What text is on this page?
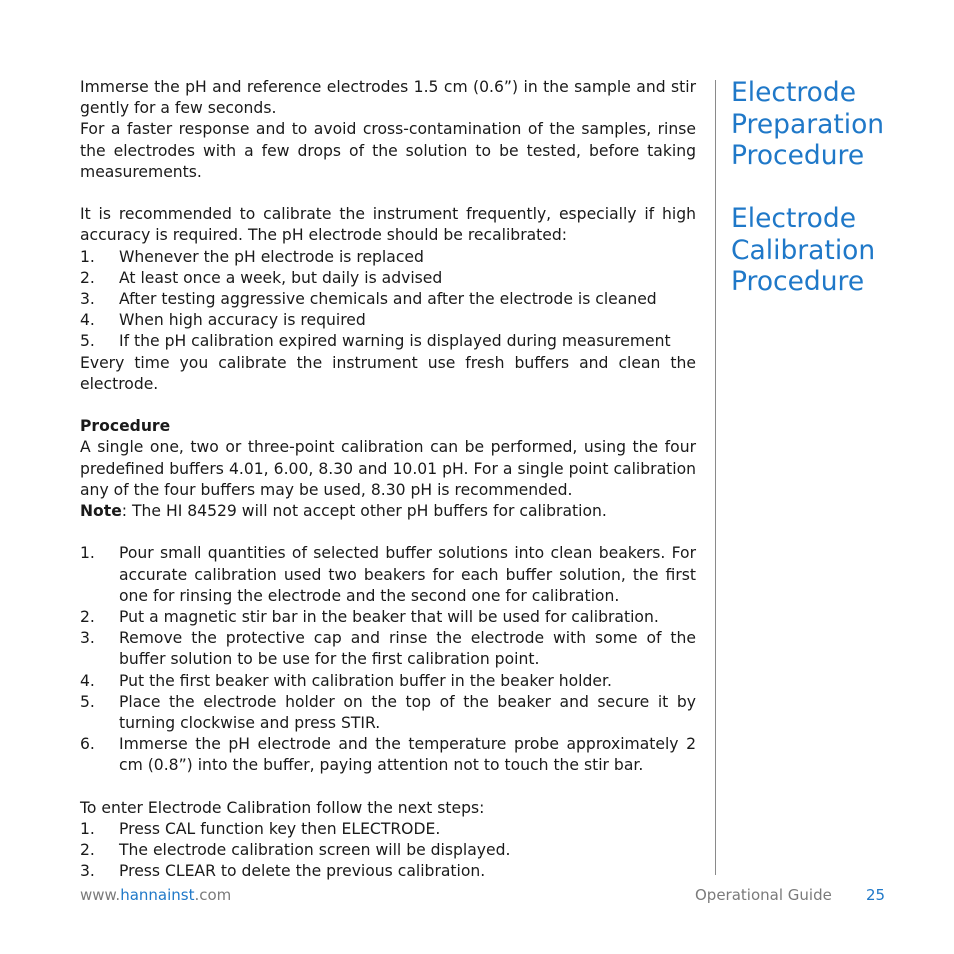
Immerse the pH and reference electrodes 1.5 cm (0.6”) in the sample and stir gently for a few seconds.

For a faster response and to avoid cross-contamination of the samples, rinse the electrodes with a few drops of the solution to be tested, before taking measurements.

It is recommended to calibrate the instrument frequently, especially if high accuracy is required. The pH electrode should be recalibrated:

1. Whenever the pH electrode is replaced
2. At least once a week, but daily is advised
3. After testing aggressive chemicals and after the electrode is cleaned
4. When high accuracy is required
5. If the pH calibration expired warning is displayed during measurement

Every time you calibrate the instrument use fresh buffers and clean the electrode.

Procedure

A single one, two or three-point calibration can be performed, using the four predefined buffers 4.01, 6.00, 8.30 and 10.01 pH. For a single point calibration any of the four buffers may be used, 8.30 pH is recommended.

Note: The HI 84529 will not accept other pH buffers for calibration.

1. Pour small quantities of selected buffer solutions into clean beakers. For accurate calibration used two beakers for each buffer solution, the first one for rinsing the electrode and the second one for calibration.
2. Put a magnetic stir bar in the beaker that will be used for calibration.
3. Remove the protective cap and rinse the electrode with some of the buffer solution to be use for the first calibration point.
4. Put the first beaker with calibration buffer in the beaker holder.
5. Place the electrode holder on the top of the beaker and secure it by turning clockwise and press STIR.
6. Immerse the pH electrode and the temperature probe approximately 2 cm (0.8”) into the buffer, paying attention not to touch the stir bar.

To enter Electrode Calibration follow the next steps:

1. Press CAL function key then ELECTRODE.
2. The electrode calibration screen will be displayed.
3. Press CLEAR to delete the previous calibration.

Electrode Preparation Procedure

Electrode Calibration Procedure

www.hannainst.com	Operational Guide 25
